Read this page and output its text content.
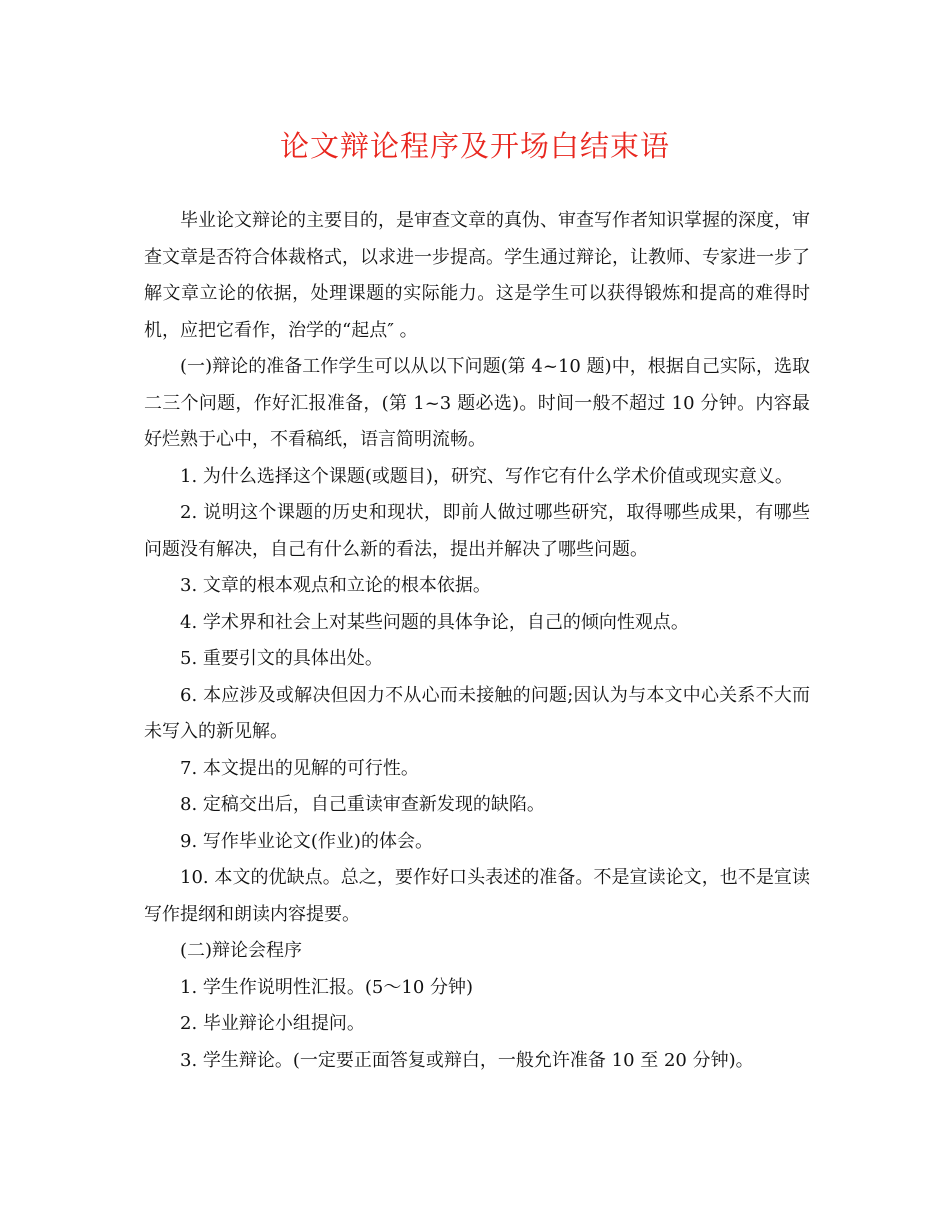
论文辩论程序及开场白结束语

毕业论文辩论的主要目的，是审查文章的真伪、审查写作者知识掌握的深度，审查文章是否符合体裁格式，以求进一步提高。学生通过辩论，让教师、专家进一步了解文章立论的依据，处理课题的实际能力。这是学生可以获得锻炼和提高的难得时机，应把它看作，治学的“起点″ 。

(一)辩论的准备工作学生可以从以下问题(第 4~10 题)中，根据自己实际，选取二三个问题，作好汇报准备，(第 1~3 题必选)。时间一般不超过 10 分钟。内容最好烂熟于心中，不看稿纸，语言简明流畅。

1. 为什么选择这个课题(或题目)，研究、写作它有什么学术价值或现实意义。

2. 说明这个课题的历史和现状，即前人做过哪些研究，取得哪些成果，有哪些问题没有解决，自己有什么新的看法，提出并解决了哪些问题。

3. 文章的根本观点和立论的根本依据。

4. 学术界和社会上对某些问题的具体争论，自己的倾向性观点。

5. 重要引文的具体出处。

6. 本应涉及或解决但因力不从心而未接触的问题;因认为与本文中心关系不大而未写入的新见解。

7. 本文提出的见解的可行性。

8. 定稿交出后，自己重读审查新发现的缺陷。

9. 写作毕业论文(作业)的体会。

10. 本文的优缺点。总之，要作好口头表述的准备。不是宣读论文，也不是宣读写作提纲和朗读内容提要。

(二)辩论会程序

1. 学生作说明性汇报。(5～10 分钟)

2. 毕业辩论小组提问。

3. 学生辩论。(一定要正面答复或辩白，一般允许准备 10 至 20 分钟)。
